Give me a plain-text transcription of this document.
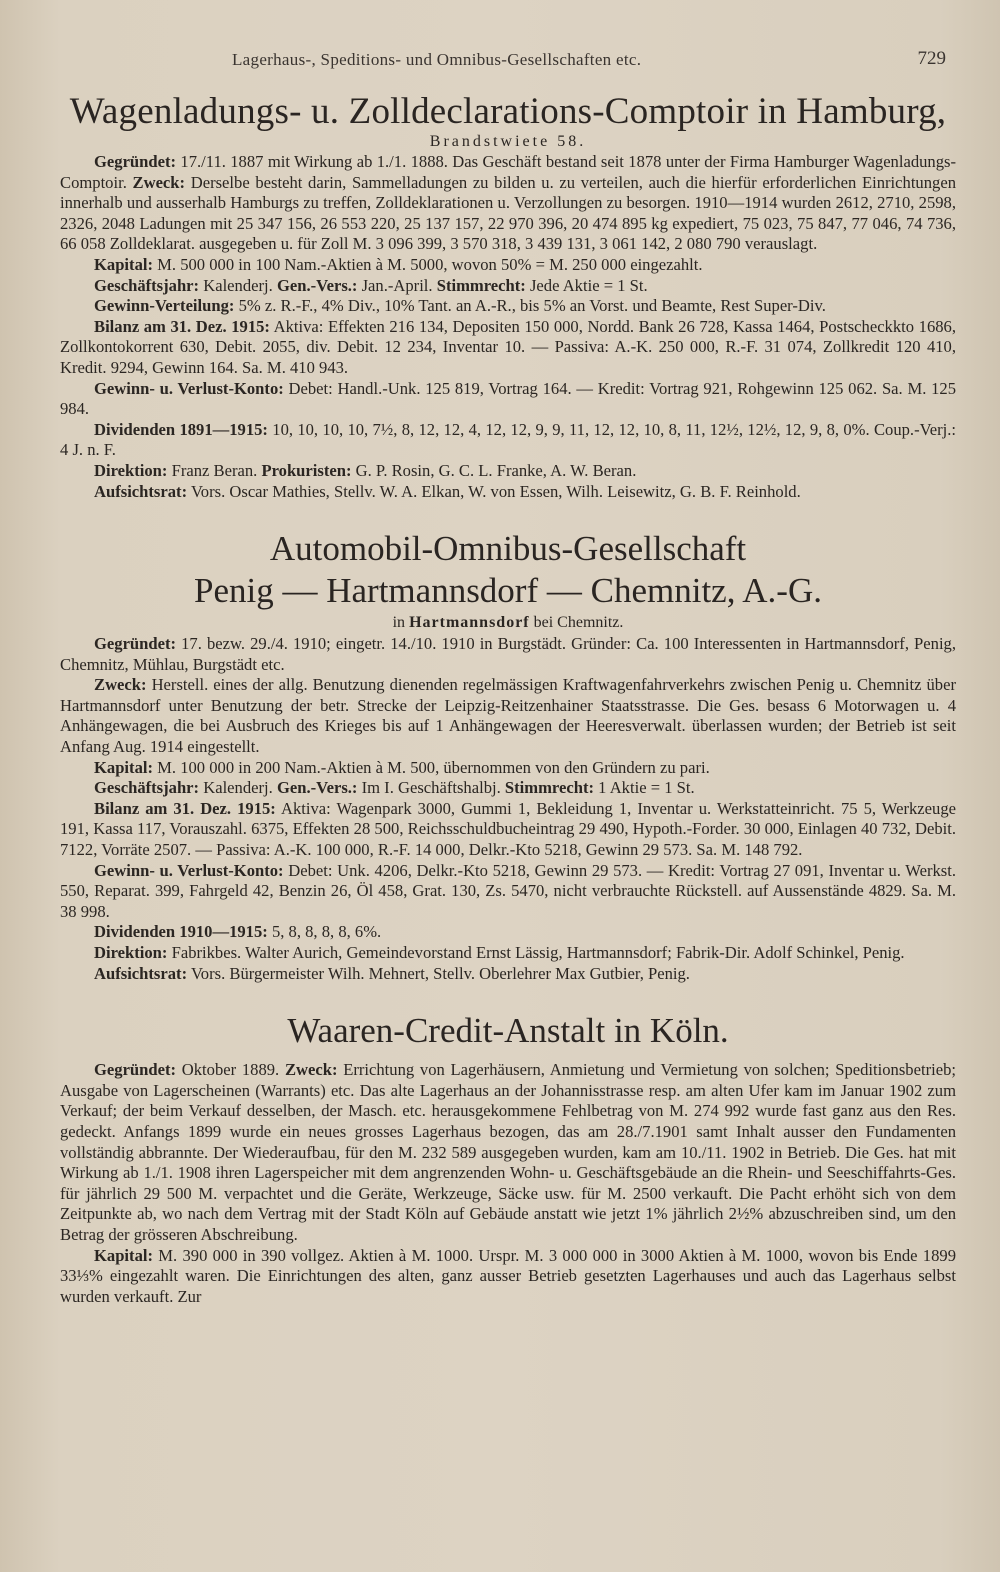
Lagerhaus-, Speditions- und Omnibus-Gesellschaften etc.	729
Wagenladungs- u. Zolldeclarations-Comptoir in Hamburg,
Brandstwiete 58.

Gegründet: 17./11. 1887 mit Wirkung ab 1./1. 1888. Das Geschäft bestand seit 1878 unter der Firma Hamburger Wagenladungs-Comptoir. Zweck: Derselbe besteht darin, Sammelladungen zu bilden u. zu verteilen, auch die hierfür erforderlichen Einrichtungen innerhalb und ausserhalb Hamburgs zu treffen, Zolldeklarationen u. Verzollungen zu besorgen. 1910—1914 wurden 2612, 2710, 2598, 2326, 2048 Ladungen mit 25 347 156, 26 553 220, 25 137 157, 22 970 396, 20 474 895 kg expediert, 75 023, 75 847, 77 046, 74 736, 66 058 Zolldeklarat. ausgegeben u. für Zoll M. 3 096 399, 3 570 318, 3 439 131, 3 061 142, 2 080 790 verauslagt.

Kapital: M. 500 000 in 100 Nam.-Aktien à M. 5000, wovon 50% = M. 250 000 eingezahlt.

Geschäftsjahr: Kalenderj. Gen.-Vers.: Jan.-April. Stimmrecht: Jede Aktie = 1 St.

Gewinn-Verteilung: 5% z. R.-F., 4% Div., 10% Tant. an A.-R., bis 5% an Vorst. und Beamte, Rest Super-Div.

Bilanz am 31. Dez. 1915: Aktiva: Effekten 216 134, Depositen 150 000, Nordd. Bank 26 728, Kassa 1464, Postscheckkto 1686, Zollkontokorrent 630, Debit. 2055, div. Debit. 12 234, Inventar 10. — Passiva: A.-K. 250 000, R.-F. 31 074, Zollkredit 120 410, Kredit. 9294, Gewinn 164. Sa. M. 410 943.

Gewinn- u. Verlust-Konto: Debet: Handl.-Unk. 125 819, Vortrag 164. — Kredit: Vortrag 921, Rohgewinn 125 062. Sa. M. 125 984.

Dividenden 1891—1915: 10, 10, 10, 10, 7½, 8, 12, 12, 4, 12, 12, 9, 9, 11, 12, 12, 10, 8, 11, 12½, 12½, 12, 9, 8, 0%. Coup.-Verj.: 4 J. n. F.

Direktion: Franz Beran. Prokuristen: G. P. Rosin, G. C. L. Franke, A. W. Beran.

Aufsichtsrat: Vors. Oscar Mathies, Stellv. W. A. Elkan, W. von Essen, Wilh. Leisewitz, G. B. F. Reinhold.

Automobil-Omnibus-Gesellschaft
Penig — Hartmannsdorf — Chemnitz, A.-G.
in Hartmannsdorf bei Chemnitz.

Gegründet: 17. bezw. 29./4. 1910; eingetr. 14./10. 1910 in Burgstädt. Gründer: Ca. 100 Interessenten in Hartmannsdorf, Penig, Chemnitz, Mühlau, Burgstädt etc.

Zweck: Herstell. eines der allg. Benutzung dienenden regelmässigen Kraftwagenfahrverkehrs zwischen Penig u. Chemnitz über Hartmannsdorf unter Benutzung der betr. Strecke der Leipzig-Reitzenhainer Staatsstrasse. Die Ges. besass 6 Motorwagen u. 4 Anhängewagen, die bei Ausbruch des Krieges bis auf 1 Anhängewagen der Heeresverwalt. überlassen wurden; der Betrieb ist seit Anfang Aug. 1914 eingestellt.

Kapital: M. 100 000 in 200 Nam.-Aktien à M. 500, übernommen von den Gründern zu pari.

Geschäftsjahr: Kalenderj. Gen.-Vers.: Im I. Geschäftshalbj. Stimmrecht: 1 Aktie = 1 St.

Bilanz am 31. Dez. 1915: Aktiva: Wagenpark 3000, Gummi 1, Bekleidung 1, Inventar u. Werkstatteinricht. 75 5, Werkzeuge 191, Kassa 117, Vorauszahl. 6375, Effekten 28 500, Reichsschuldbucheintrag 29 490, Hypoth.-Forder. 30 000, Einlagen 40 732, Debit. 7122, Vorräte 2507. — Passiva: A.-K. 100 000, R.-F. 14 000, Delkr.-Kto 5218, Gewinn 29 573. Sa. M. 148 792.

Gewinn- u. Verlust-Konto: Debet: Unk. 4206, Delkr.-Kto 5218, Gewinn 29 573. — Kredit: Vortrag 27 091, Inventar u. Werkst. 550, Reparat. 399, Fahrgeld 42, Benzin 26, Öl 458, Grat. 130, Zs. 5470, nicht verbrauchte Rückstell. auf Aussenstände 4829. Sa. M. 38 998.

Dividenden 1910—1915: 5, 8, 8, 8, 8, 6%.

Direktion: Fabrikbes. Walter Aurich, Gemeindevorstand Ernst Lässig, Hartmannsdorf; Fabrik-Dir. Adolf Schinkel, Penig.

Aufsichtsrat: Vors. Bürgermeister Wilh. Mehnert, Stellv. Oberlehrer Max Gutbier, Penig.

Waaren-Credit-Anstalt in Köln.

Gegründet: Oktober 1889. Zweck: Errichtung von Lagerhäusern, Anmietung und Vermietung von solchen; Speditionsbetrieb; Ausgabe von Lagerscheinen (Warrants) etc. Das alte Lagerhaus an der Johannisstrasse resp. am alten Ufer kam im Januar 1902 zum Verkauf; der beim Verkauf desselben, der Masch. etc. herausgekommene Fehlbetrag von M. 274 992 wurde fast ganz aus den Res. gedeckt. Anfangs 1899 wurde ein neues grosses Lagerhaus bezogen, das am 28./7.1901 samt Inhalt ausser den Fundamenten vollständig abbrannte. Der Wiederaufbau, für den M. 232 589 ausgegeben wurden, kam am 10./11. 1902 in Betrieb. Die Ges. hat mit Wirkung ab 1./1. 1908 ihren Lagerspeicher mit dem angrenzenden Wohn- u. Geschäftsgebäude an die Rhein- und Seeschiffahrts-Ges. für jährlich 29 500 M. verpachtet und die Geräte, Werkzeuge, Säcke usw. für M. 2500 verkauft. Die Pacht erhöht sich von dem Zeitpunkte ab, wo nach dem Vertrag mit der Stadt Köln auf Gebäude anstatt wie jetzt 1% jährlich 2½% abzuschreiben sind, um den Betrag der grösseren Abschreibung.

Kapital: M. 390 000 in 390 vollgez. Aktien à M. 1000. Urspr. M. 3 000 000 in 3000 Aktien à M. 1000, wovon bis Ende 1899 33⅓% eingezahlt waren. Die Einrichtungen des alten, ganz ausser Betrieb gesetzten Lagerhauses und auch das Lagerhaus selbst wurden verkauft. Zur
